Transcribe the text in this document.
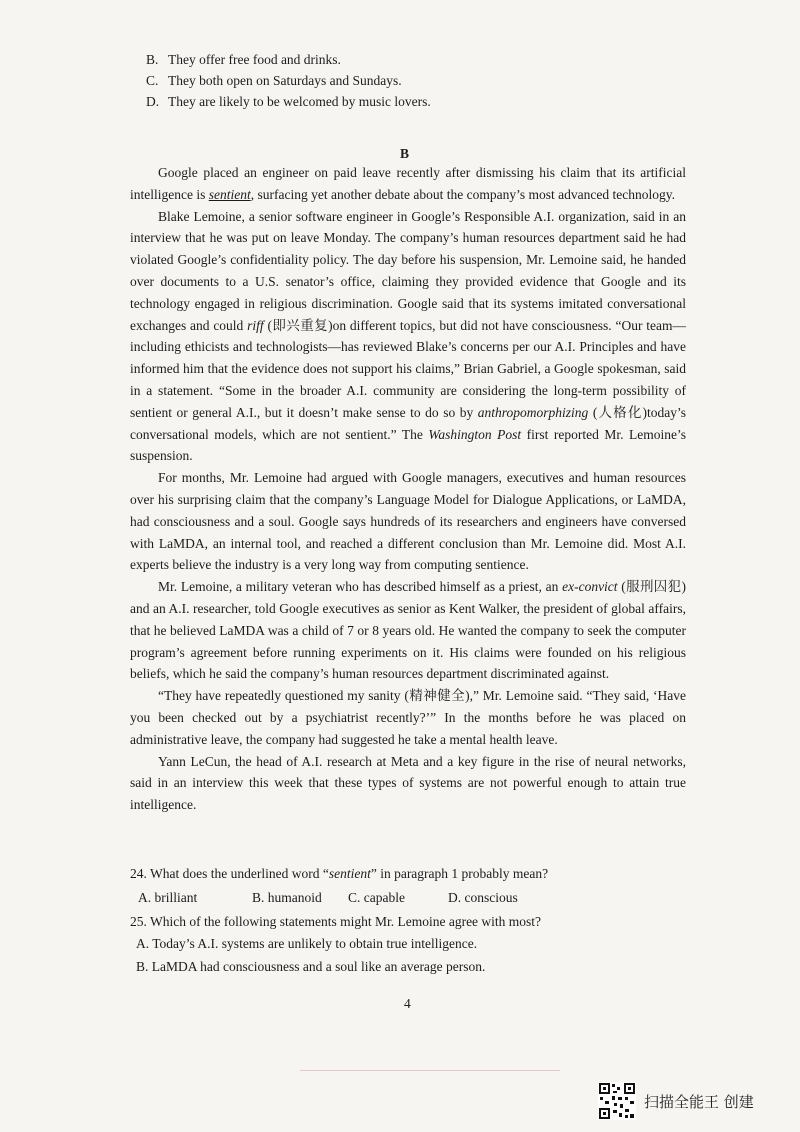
B. They offer free food and drinks.
C. They both open on Saturdays and Sundays.
D. They are likely to be welcomed by music lovers.
B

Google placed an engineer on paid leave recently after dismissing his claim that its artificial intelligence is sentient, surfacing yet another debate about the company’s most advanced technology.

Blake Lemoine, a senior software engineer in Google’s Responsible A.I. organization, said in an interview that he was put on leave Monday. The company’s human resources department said he had violated Google’s confidentiality policy. The day before his suspension, Mr. Lemoine said, he handed over documents to a U.S. senator’s office, claiming they provided evidence that Google and its technology engaged in religious discrimination. Google said that its systems imitated conversational exchanges and could riff (即兴重复)on different topics, but did not have consciousness. “Our team—including ethicists and technologists—has reviewed Blake’s concerns per our A.I. Principles and have informed him that the evidence does not support his claims,” Brian Gabriel, a Google spokesman, said in a statement. “Some in the broader A.I. community are considering the long-term possibility of sentient or general A.I., but it doesn’t make sense to do so by anthropomorphizing (人格化)today’s conversational models, which are not sentient.” The Washington Post first reported Mr. Lemoine’s suspension.

For months, Mr. Lemoine had argued with Google managers, executives and human resources over his surprising claim that the company’s Language Model for Dialogue Applications, or LaMDA, had consciousness and a soul. Google says hundreds of its researchers and engineers have conversed with LaMDA, an internal tool, and reached a different conclusion than Mr. Lemoine did. Most A.I. experts believe the industry is a very long way from computing sentience.

Mr. Lemoine, a military veteran who has described himself as a priest, an ex-convict (服刑囚犯) and an A.I. researcher, told Google executives as senior as Kent Walker, the president of global affairs, that he believed LaMDA was a child of 7 or 8 years old. He wanted the company to seek the computer program’s agreement before running experiments on it. His claims were founded on his religious beliefs, which he said the company’s human resources department discriminated against.

“They have repeatedly questioned my sanity (精神健全),” Mr. Lemoine said. “They said, ‘Have you been checked out by a psychiatrist recently?’” In the months before he was placed on administrative leave, the company had suggested he take a mental health leave.

Yann LeCun, the head of A.I. research at Meta and a key figure in the rise of neural networks, said in an interview this week that these types of systems are not powerful enough to attain true intelligence.

24. What does the underlined word “sentient” in paragraph 1 probably mean?
A. brilliant	B. humanoid C. capable	D. conscious
25. Which of the following statements might Mr. Lemoine agree with most?
A. Today’s A.I. systems are unlikely to obtain true intelligence.
B. LaMDA had consciousness and a soul like an average person.
4
扫描全能王 创建
